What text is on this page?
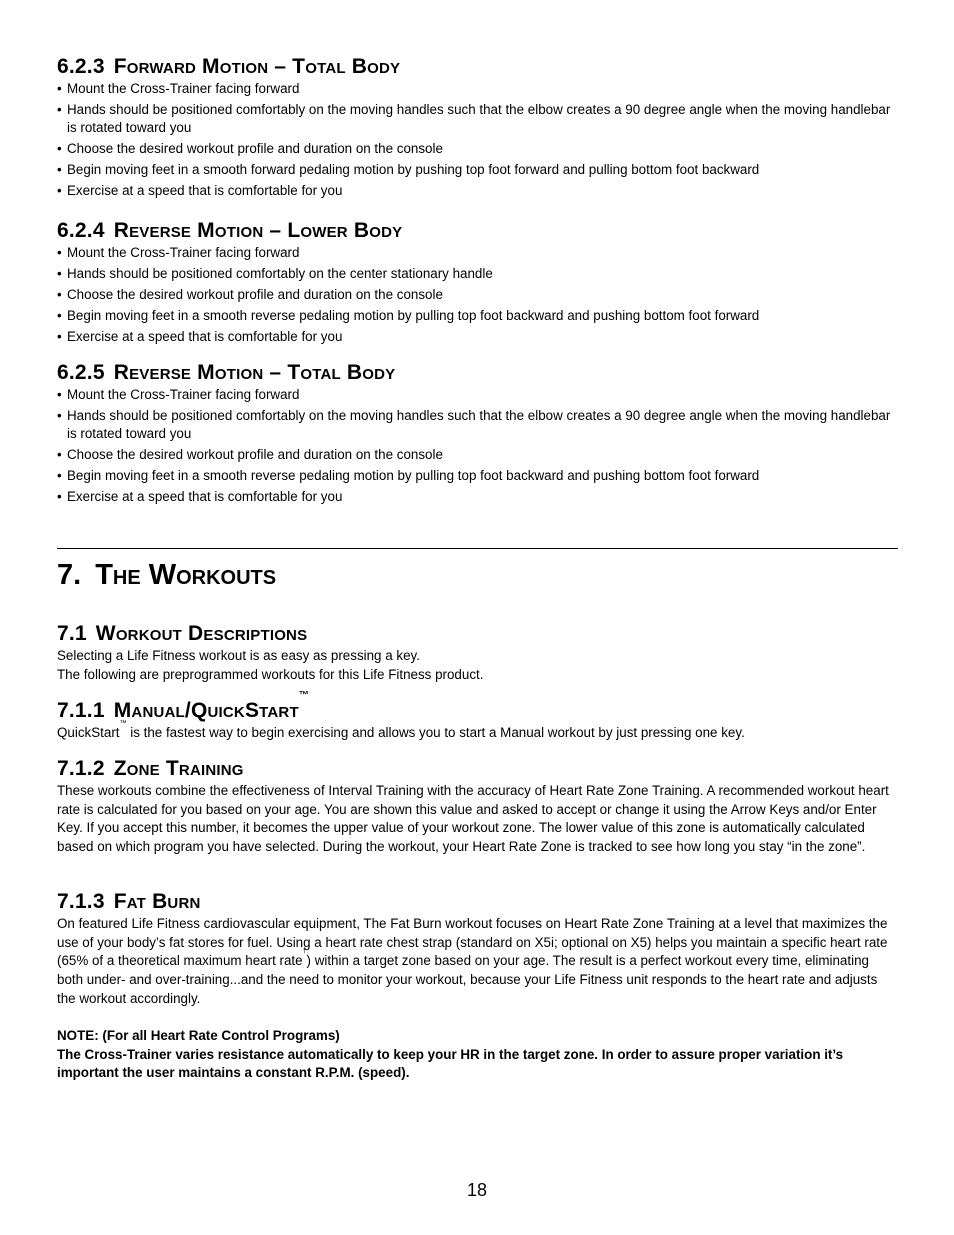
6.2.3 Forward Motion – Total Body
• Mount the Cross-Trainer facing forward
• Hands should be positioned comfortably on the moving handles such that the elbow creates a 90 degree angle when the moving handlebar is rotated toward you
• Choose the desired workout profile and duration on the console
• Begin moving feet in a smooth forward pedaling motion by pushing top foot forward and pulling bottom foot backward
• Exercise at a speed that is comfortable for you
6.2.4 Reverse Motion – Lower Body
• Mount the Cross-Trainer facing forward
• Hands should be positioned comfortably on the center stationary handle
• Choose the desired workout profile and duration on the console
• Begin moving feet in a smooth reverse pedaling motion by pulling top foot backward and pushing bottom foot forward
• Exercise at a speed that is comfortable for you
6.2.5 Reverse Motion – Total Body
• Mount the Cross-Trainer facing forward
• Hands should be positioned comfortably on the moving handles such that the elbow creates a 90 degree angle when the moving handlebar is rotated toward you
• Choose the desired workout profile and duration on the console
• Begin moving feet in a smooth reverse pedaling motion by pulling top foot backward and pushing bottom foot forward
• Exercise at a speed that is comfortable for you
7. The Workouts
7.1 Workout Descriptions

Selecting a Life Fitness workout is as easy as pressing a key.

The following are preprogrammed workouts for this Life Fitness product.

7.1.1 Manual/QuickStart™

QuickStart™ is the fastest way to begin exercising and allows you to start a Manual workout by just pressing one key.

7.1.2 Zone Training

These workouts combine the effectiveness of Interval Training with the accuracy of Heart Rate Zone Training. A recommended workout heart rate is calculated for you based on your age. You are shown this value and asked to accept or change it using the Arrow Keys and/or Enter Key. If you accept this number, it becomes the upper value of your workout zone. The lower value of this zone is automatically calculated based on which program you have selected. During the workout, your Heart Rate Zone is tracked to see how long you stay “in the zone”.

7.1.3 Fat Burn

On featured Life Fitness cardiovascular equipment, The Fat Burn workout focuses on Heart Rate Zone Training at a level that maximizes the use of your body’s fat stores for fuel. Using a heart rate chest strap (standard on X5i; optional on X5) helps you maintain a specific heart rate (65% of a theoretical maximum heart rate†) within a target zone based on your age. The result is a perfect workout every time, eliminating both under- and over-training...and the need to monitor your workout, because your Life Fitness unit responds to the heart rate and adjusts the workout accordingly.

NOTE: (For all Heart Rate Control Programs)

The Cross-Trainer varies resistance automatically to keep your HR in the target zone. In order to assure proper variation it’s important the user maintains a constant R.P.M. (speed).

18
